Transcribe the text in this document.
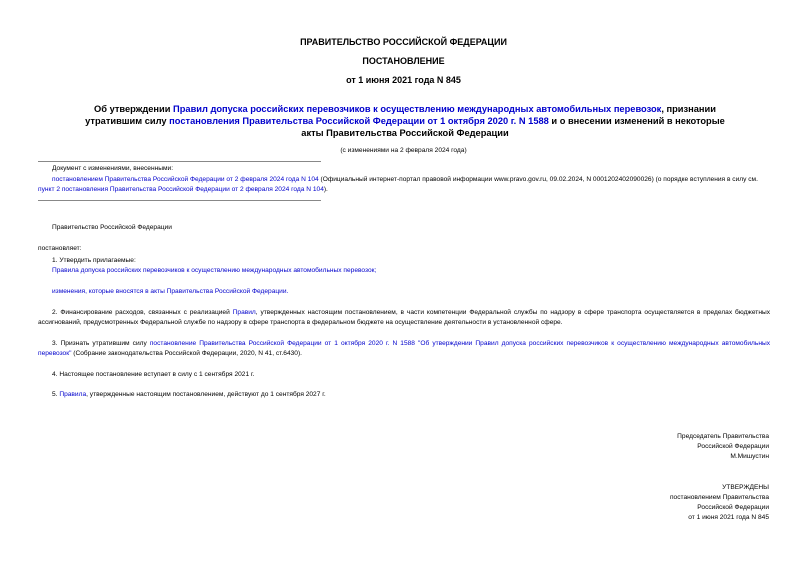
ПРАВИТЕЛЬСТВО РОССИЙСКОЙ ФЕДЕРАЦИИ
ПОСТАНОВЛЕНИЕ
от 1 июня 2021 года N 845
Об утверждении Правил допуска российских перевозчиков к осуществлению международных автомобильных перевозок, признании утратившим силу постановления Правительства Российской Федерации от 1 октября 2020 г. N 1588 и о внесении изменений в некоторые акты Правительства Российской Федерации
(с изменениями на 2 февраля 2024 года)
Документ с изменениями, внесенными:
постановлением Правительства Российской Федерации от 2 февраля 2024 года N 104 (Официальный интернет-портал правовой информации www.pravo.gov.ru, 09.02.2024, N 0001202402090026) (о порядке вступления в силу см. пункт 2 постановления Правительства Российской Федерации от 2 февраля 2024 года N 104).
Правительство Российской Федерации
постановляет:
1. Утвердить прилагаемые:
Правила допуска российских перевозчиков к осуществлению международных автомобильных перевозок;
изменения, которые вносятся в акты Правительства Российской Федерации.
2. Финансирование расходов, связанных с реализацией Правил, утвержденных настоящим постановлением, в части компетенции Федеральной службы по надзору в сфере транспорта осуществляется в пределах бюджетных ассигнований, предусмотренных Федеральной службе по надзору в сфере транспорта в федеральном бюджете на осуществление деятельности в установленной сфере.
3. Признать утратившим силу постановление Правительства Российской Федерации от 1 октября 2020 г. N 1588 "Об утверждении Правил допуска российских перевозчиков к осуществлению международных автомобильных перевозок" (Собрание законодательства Российской Федерации, 2020, N 41, ст.6430).
4. Настоящее постановление вступает в силу с 1 сентября 2021 г.
5. Правила, утвержденные настоящим постановлением, действуют до 1 сентября 2027 г.
Председатель Правительства
Российской Федерации
М.Мишустин
УТВЕРЖДЕНЫ
постановлением Правительства
Российской Федерации
от 1 июня 2021 года N 845
